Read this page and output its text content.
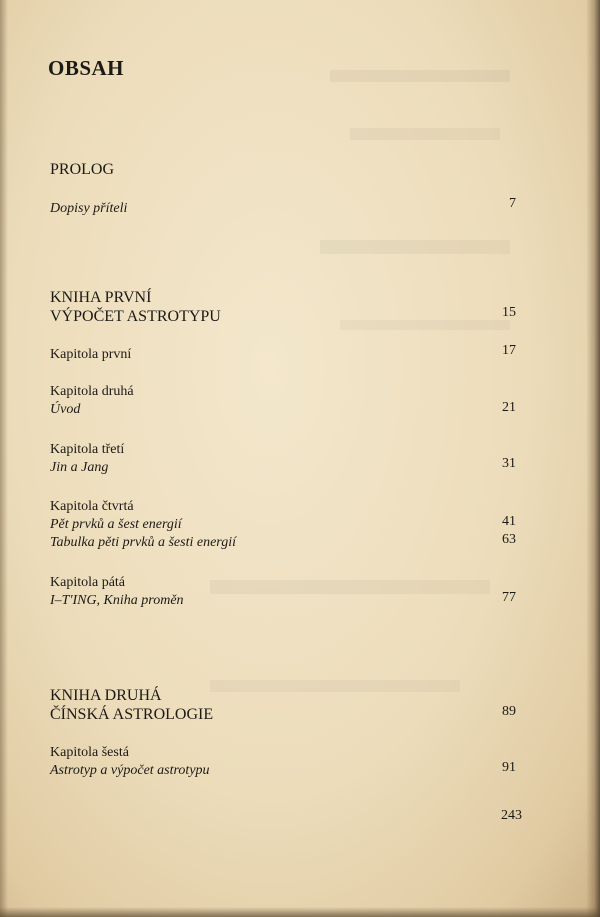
OBSAH
PROLOG
Dopisy příteli	7
KNIHA PRVNÍ
VÝPOČET ASTROTYPU	15
Kapitola první	17
Kapitola druhá
Úvod	21
Kapitola třetí
Jin a Jang	31
Kapitola čtvrtá
Pět prvků a šest energií	41
Tabulka pěti prvků a šesti energií	63
Kapitola pátá
I–T'ING, Kniha proměn	77
KNIHA DRUHÁ
ČÍNSKÁ ASTROLOGIE	89
Kapitola šestá
Astrotyp a výpočet astrotypu	91
243
